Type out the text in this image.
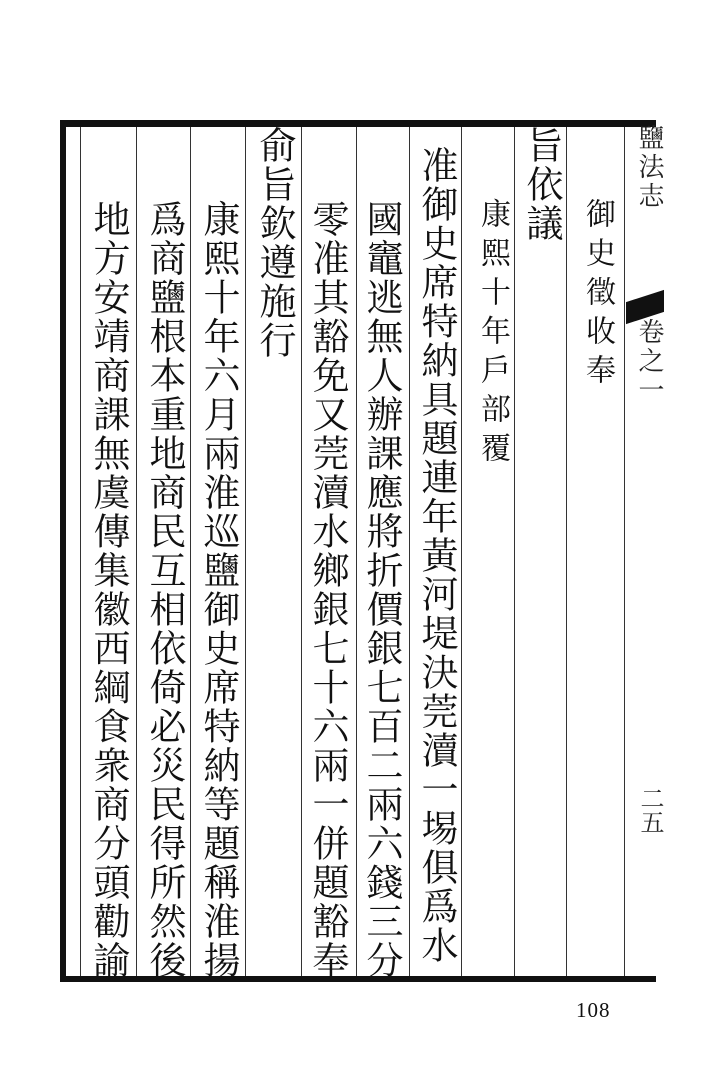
鹽法志
卷之一
二五
御史徵收奉
旨依議
康熙十年戶部覆
准御史席特納具題連年黃河堤決莞瀆一埸俱爲水
國竈逃無人辦課應將折價銀七百二兩六錢三分
零准其豁免又莞瀆水鄉銀七十六兩一併題豁奉
俞旨欽遵施行
康熙十年六月兩淮巡鹽御史席特納等題稱淮揚
爲商鹽根本重地商民互相依倚必災民得所然後
地方安靖商課無虞傳集徽西綱食衆商分頭勸諭
108
